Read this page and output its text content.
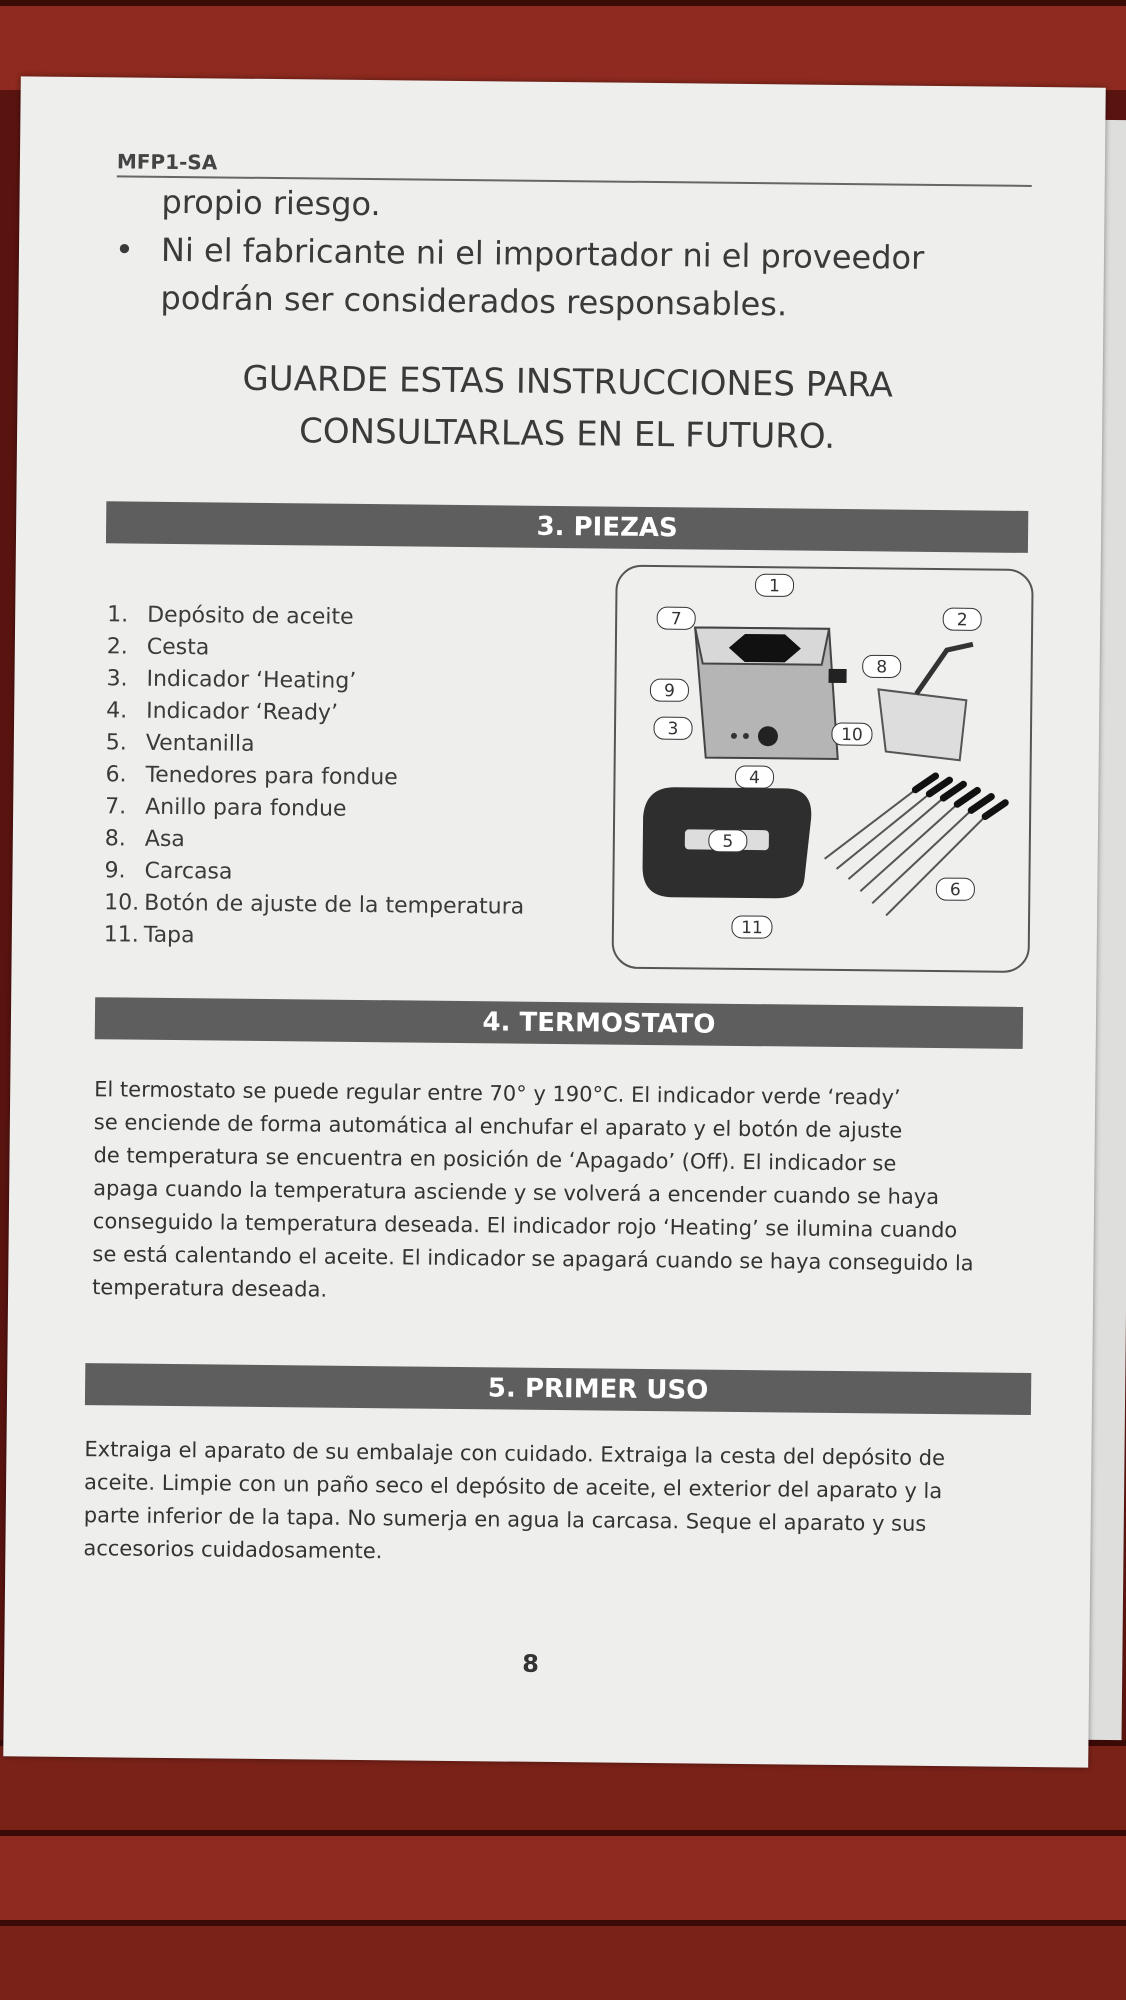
MFP1-SA
propio riesgo.
• Ni el fabricante ni el importador ni el proveedor podrán ser considerados responsables.
GUARDE ESTAS INSTRUCCIONES PARA
CONSULTARLAS EN EL FUTURO.
3. PIEZAS
1. Depósito de aceite
2. Cesta
3. Indicador ‘Heating’
4. Indicador ‘Ready’
5. Ventanilla
6. Tenedores para fondue
7. Anillo para fondue
8. Asa
9. Carcasa
10. Botón de ajuste de la temperatura
11. Tapa
1
2
3
4
5
6
7
8
9
10
11
4. TERMOSTATO
El termostato se puede regular entre 70° y 190°C. El indicador verde ‘ready’
se enciende de forma automática al enchufar el aparato y el botón de ajuste
de temperatura se encuentra en posición de ‘Apagado’ (Off). El indicador se
apaga cuando la temperatura asciende y se volverá a encender cuando se haya
conseguido la temperatura deseada. El indicador rojo ‘Heating’ se ilumina cuando
se está calentando el aceite. El indicador se apagará cuando se haya conseguido la
temperatura deseada.
5. PRIMER USO
Extraiga el aparato de su embalaje con cuidado. Extraiga la cesta del depósito de
aceite. Limpie con un paño seco el depósito de aceite, el exterior del aparato y la
parte inferior de la tapa. No sumerja en agua la carcasa. Seque el aparato y sus
accesorios cuidadosamente.
8
